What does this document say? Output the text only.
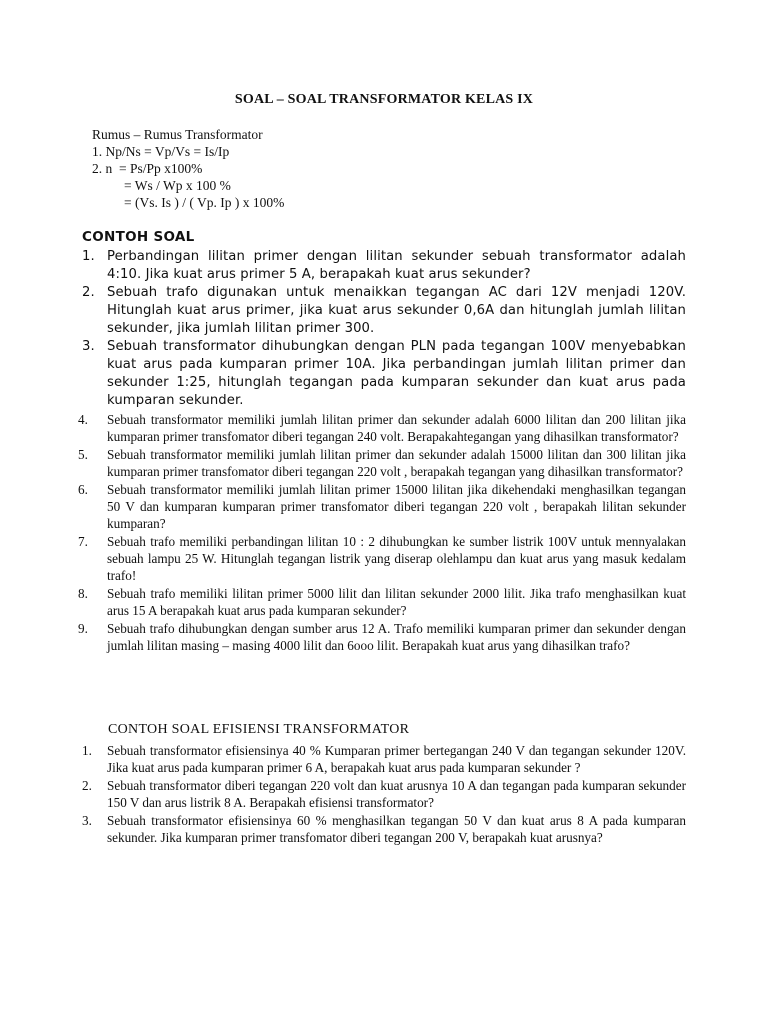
SOAL – SOAL TRANSFORMATOR KELAS IX
Rumus – Rumus Transformator
1. Np/Ns = Vp/Vs = Is/Ip
2. n  = Ps/Pp x100%
= Ws / Wp x 100 %
= (Vs. Is ) / ( Vp. Ip ) x 100%
CONTOH SOAL
1. Perbandingan lilitan primer dengan lilitan sekunder sebuah transformator adalah 4:10. Jika kuat arus primer 5 A, berapakah kuat arus sekunder?
2. Sebuah trafo digunakan untuk menaikkan tegangan AC dari 12V menjadi 120V. Hitunglah kuat arus primer, jika kuat arus sekunder 0,6A dan hitunglah jumlah lilitan sekunder, jika jumlah lilitan primer 300.
3. Sebuah transformator dihubungkan dengan PLN pada tegangan 100V menyebabkan kuat arus pada kumparan primer 10A. Jika perbandingan jumlah lilitan primer dan sekunder 1:25, hitunglah tegangan pada kumparan sekunder dan kuat arus pada kumparan sekunder.
4. Sebuah transformator memiliki jumlah lilitan primer dan sekunder adalah 6000 lilitan dan 200 lilitan jika kumparan primer transfomator diberi tegangan 240 volt. Berapakahtegangan yang dihasilkan transformator?
5. Sebuah transformator memiliki jumlah lilitan primer dan sekunder adalah 15000 lilitan dan 300 lilitan jika kumparan primer transfomator diberi tegangan 220 volt , berapakah tegangan yang dihasilkan transformator?
6. Sebuah transformator memiliki jumlah lilitan primer 15000 lilitan jika dikehendaki menghasilkan tegangan 50 V dan kumparan kumparan primer transfomator diberi tegangan 220 volt , berapakah lilitan sekunder kumparan?
7. Sebuah trafo memiliki perbandingan lilitan 10 : 2 dihubungkan ke sumber listrik 100V untuk mennyalakan sebuah lampu 25 W. Hitunglah tegangan listrik yang diserap olehlampu dan kuat arus yang masuk kedalam trafo!
8. Sebuah trafo memiliki lilitan primer 5000 lilit dan lilitan sekunder 2000 lilit. Jika trafo menghasilkan kuat arus 15 A berapakah kuat arus pada kumparan sekunder?
9. Sebuah trafo dihubungkan dengan sumber arus 12 A. Trafo memiliki kumparan primer dan sekunder dengan jumlah lilitan masing – masing 4000 lilit dan 6ooo lilit. Berapakah kuat arus yang dihasilkan trafo?
CONTOH SOAL EFISIENSI TRANSFORMATOR
1. Sebuah transformator efisiensinya 40 % Kumparan primer bertegangan 240 V dan tegangan sekunder 120V. Jika kuat arus pada kumparan primer 6 A, berapakah kuat arus pada kumparan sekunder ?
2. Sebuah transformator diberi tegangan 220 volt dan kuat arusnya 10 A dan tegangan pada kumparan sekunder 150 V dan arus listrik 8 A. Berapakah efisiensi transformator?
3. Sebuah transformator efisiensinya 60 % menghasilkan tegangan 50 V dan kuat arus 8 A pada kumparan sekunder. Jika kumparan primer transfomator diberi tegangan 200 V, berapakah kuat arusnya?
